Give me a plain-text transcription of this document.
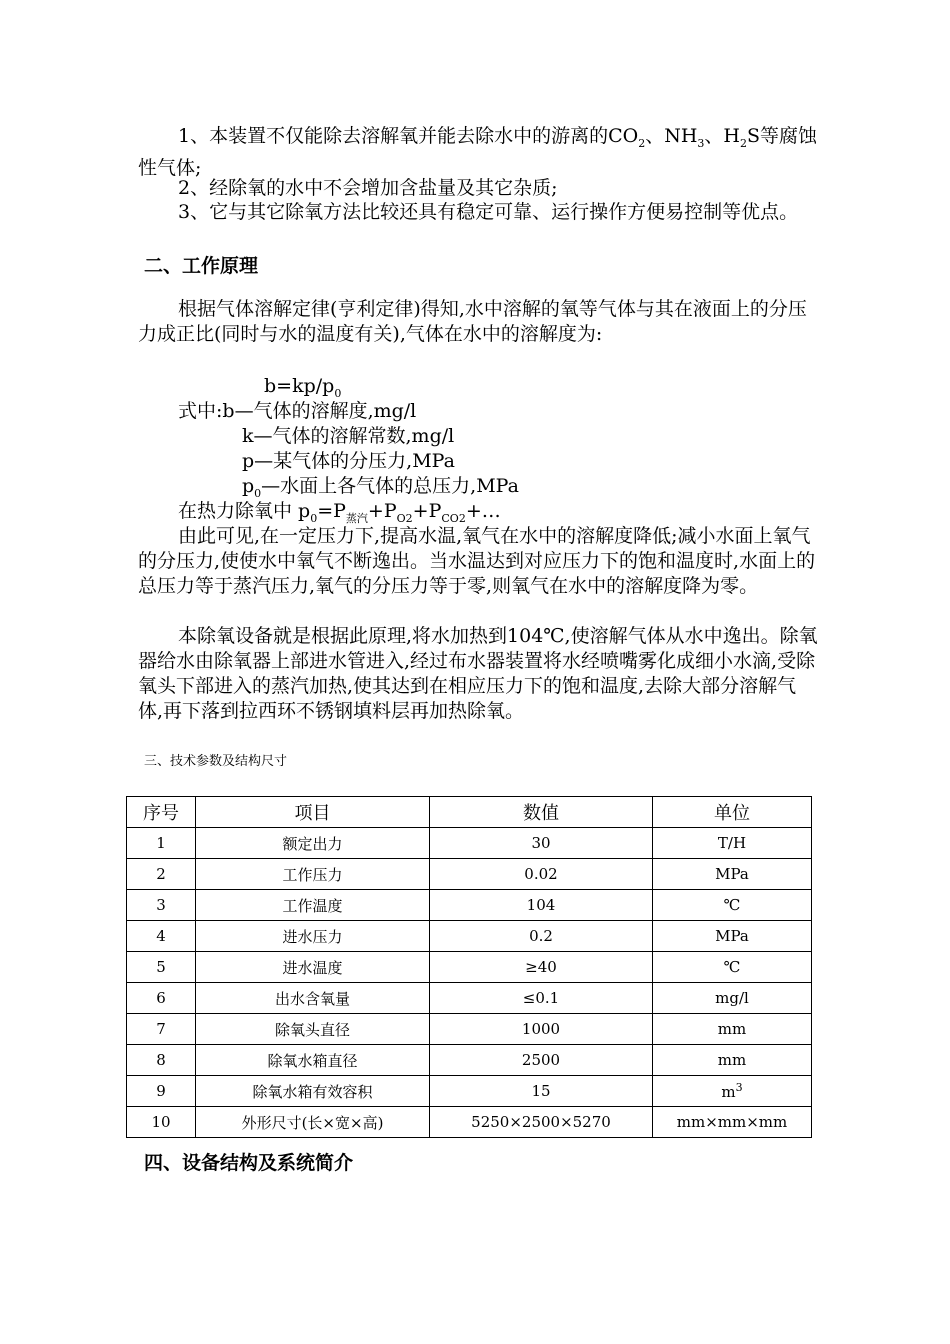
1、本装置不仅能除去溶解氧并能去除水中的游离的$CO_2$、$NH_3$、$H_2S$等腐蚀性气体;
2、经除氧的水中不会增加含盐量及其它杂质;
3、它与其它除氧方法比较还具有稳定可靠、运行操作方便易控制等优点。
二、工作原理
根据气体溶解定律(亨利定律)得知,水中溶解的氧等气体与其在液面上的分压力成正比(同时与水的温度有关),气体在水中的溶解度为:
$b=kp/p_0$
式中:b—气体的溶解度,mg/l
k—气体的溶解常数,mg/l
p—某气体的分压力,MPa
$p_0—$水面上各气体的总压力,MPa
在热力除氧中 $p_0=P_{蒸汽}+P_{O2}+P_{CO2}+\dots$
由此可见,在一定压力下,提高水温,氧气在水中的溶解度降低;减小水面上氧气的分压力,使使水中氧气不断逸出。当水温达到对应压力下的饱和温度时,水面上的总压力等于蒸汽压力,氧气的分压力等于零,则氧气在水中的溶解度降为零。
本除氧设备就是根据此原理,将水加热到104℃,使溶解气体从水中逸出。除氧器给水由除氧器上部进水管进入,经过布水器装置将水经喷嘴雾化成细小水滴,受除氧头下部进入的蒸汽加热,使其达到在相应压力下的饱和温度,去除大部分溶解气体,再下落到拉西环不锈钢填料层再加热除氧。
三、技术参数及结构尺寸
序号	项目	数值	单位
1	额定出力	30	T/H
2	工作压力	0.02	MPa
3	工作温度	104	℃
4	进水压力	0.2	MPa
5	进水温度	≥40	℃
6	出水含氧量	≤0.1	mg/l
7	除氧头直径	1000	mm
8	除氧水箱直径	2500	mm
9	除氧水箱有效容积	15	$m^3$
10	外形尺寸(长×宽×高)	5250×2500×5270	mm×mm×mm
四、设备结构及系统简介
